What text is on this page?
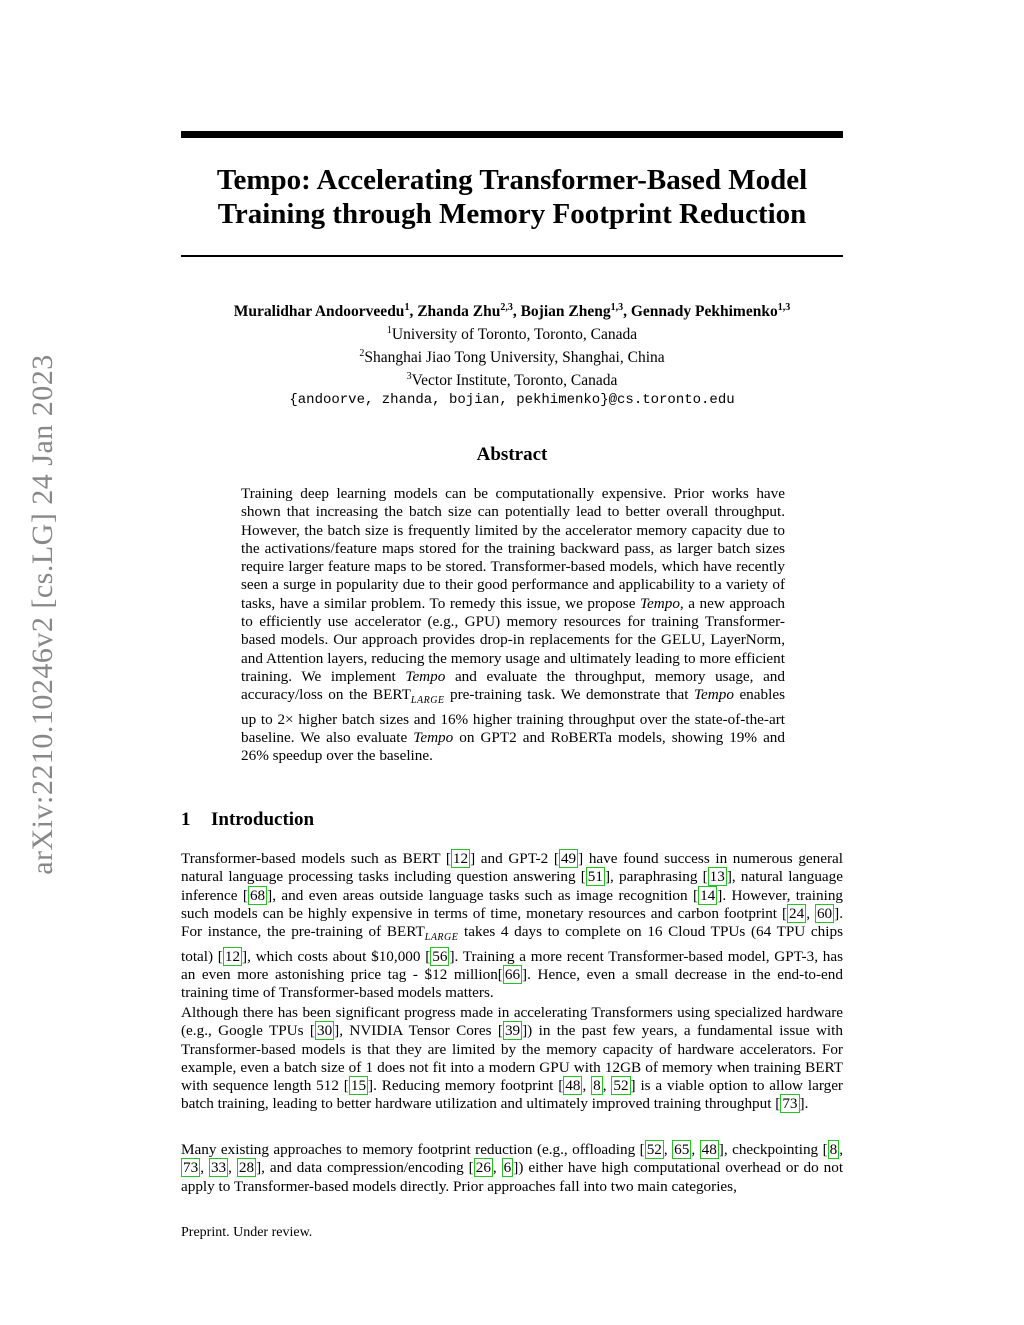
arXiv:2210.10246v2 [cs.LG] 24 Jan 2023
Tempo: Accelerating Transformer-Based Model
Training through Memory Footprint Reduction
Muralidhar Andoorveedu$^1$, Zhanda Zhu$^{2,3}$, Bojian Zheng$^{1,3}$, Gennady Pekhimenko$^{1,3}$
$^1$University of Toronto, Toronto, Canada
$^2$Shanghai Jiao Tong University, Shanghai, China
$^3$Vector Institute, Toronto, Canada
{andoorve, zhanda, bojian, pekhimenko}@cs.toronto.edu
Abstract
Training deep learning models can be computationally expensive. Prior works have shown that increasing the batch size can potentially lead to better overall throughput. However, the batch size is frequently limited by the accelerator memory capacity due to the activations/feature maps stored for the training backward pass, as larger batch sizes require larger feature maps to be stored. Transformer-based models, which have recently seen a surge in popularity due to their good performance and applicability to a variety of tasks, have a similar problem. To remedy this issue, we propose Tempo, a new approach to efficiently use accelerator (e.g., GPU) memory resources for training Transformer-based models. Our approach provides drop-in replacements for the GELU, LayerNorm, and Attention layers, reducing the memory usage and ultimately leading to more efficient training. We implement Tempo and evaluate the throughput, memory usage, and accuracy/loss on the $BERT_{LARGE}$ pre-training task. We demonstrate that Tempo enables up to 2× higher batch sizes and 16% higher training throughput over the state-of-the-art baseline. We also evaluate Tempo on GPT2 and RoBERTa models, showing 19% and 26% speedup over the baseline.
1 Introduction
Transformer-based models such as BERT [ 12 ] and GPT-2 [ 49 ] have found success in numerous general natural language processing tasks including question answering [ 51 ], paraphrasing [ 13 ], natural language inference [ 68 ], and even areas outside language tasks such as image recognition [ 14 ]. However, training such models can be highly expensive in terms of time, monetary resources and carbon footprint [ 24 , 60 ]. For instance, the pre-training of $BERT_{LARGE}$ takes 4 days to complete on 16 Cloud TPUs (64 TPU chips total) [ 12 ], which costs about $10,000 [ 56 ]. Training a more recent Transformer-based model, GPT-3, has an even more astonishing price tag - $12 million[ 66 ]. Hence, even a small decrease in the end-to-end training time of Transformer-based models matters.
Although there has been significant progress made in accelerating Transformers using specialized hardware (e.g., Google TPUs [ 30 ], NVIDIA Tensor Cores [ 39 ]) in the past few years, a fundamental issue with Transformer-based models is that they are limited by the memory capacity of hardware accelerators. For example, even a batch size of 1 does not fit into a modern GPU with 12GB of memory when training BERT with sequence length 512 [ 15 ]. Reducing memory footprint [ 48 , 8 , 52 ] is a viable option to allow larger batch training, leading to better hardware utilization and ultimately improved training throughput [ 73 ].
Many existing approaches to memory footprint reduction (e.g., offloading [ 52 , 65 , 48 ], checkpointing [ 8 , 73 , 33 , 28 ], and data compression/encoding [ 26 , 6 ]) either have high computational overhead or do not apply to Transformer-based models directly. Prior approaches fall into two main categories,
Preprint. Under review.
